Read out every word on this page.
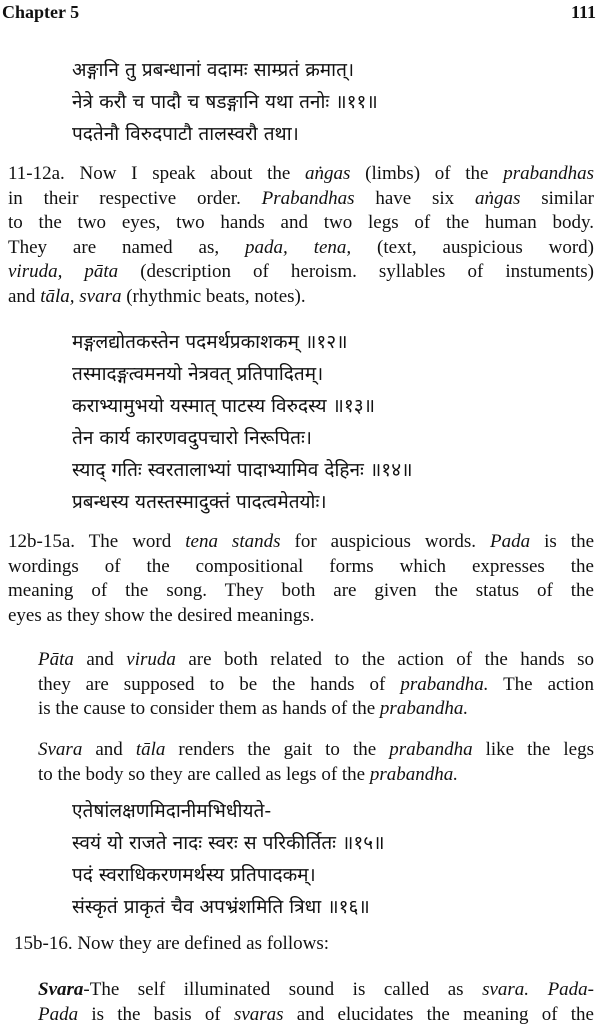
Chapter 5	111
अङ्गानि तु प्रबन्धानां वदामः साम्प्रतं क्रमात्।
नेत्रे करौ च पादौ च षडङ्गानि यथा तनोः ॥११॥
पदतेनौ विरुदपाटौ तालस्वरौ तथा।
11-12a. Now I speak about the aṅgas (limbs) of the prabandhas
in their respective order. Prabandhas have six aṅgas similar
to the two eyes, two hands and two legs of the human body.
They are named as, pada, tena, (text, auspicious word)
viruda, pāta (description of heroism. syllables of instuments)
and tāla, svara (rhythmic beats, notes).
मङ्गलद्योतकस्तेन पदमर्थप्रकाशकम् ॥१२॥
तस्मादङ्गत्वमनयो नेत्रवत् प्रतिपादितम्।
कराभ्यामुभयो यस्मात् पाटस्य विरुदस्य ॥१३॥
तेन कार्य कारणवदुपचारो निरूपितः।
स्याद् गतिः स्वरतालाभ्यां पादाभ्यामिव देहिनः ॥१४॥
प्रबन्धस्य यतस्तस्मादुक्तं पादत्वमेतयोः।
12b-15a. The word tena stands for auspicious words. Pada is the
wordings of the compositional forms which expresses the
meaning of the song. They both are given the status of the
eyes as they show the desired meanings.
Pāta and viruda are both related to the action of the hands so
they are supposed to be the hands of prabandha. The action
is the cause to consider them as hands of the prabandha.
Svara and tāla renders the gait to the prabandha like the legs
to the body so they are called as legs of the prabandha.
एतेषांलक्षणमिदानीमभिधीयते-
स्वयं यो राजते नादः स्वरः स परिकीर्तितः ॥१५॥
पदं स्वराधिकरणमर्थस्य प्रतिपादकम्।
संस्कृतं प्राकृतं चैव अपभ्रंशमिति त्रिधा ॥१६॥
15b-16. Now they are defined as follows:
Svara-The self illuminated sound is called as svara. Pada-
Pada is the basis of svaras and elucidates the meaning of the
